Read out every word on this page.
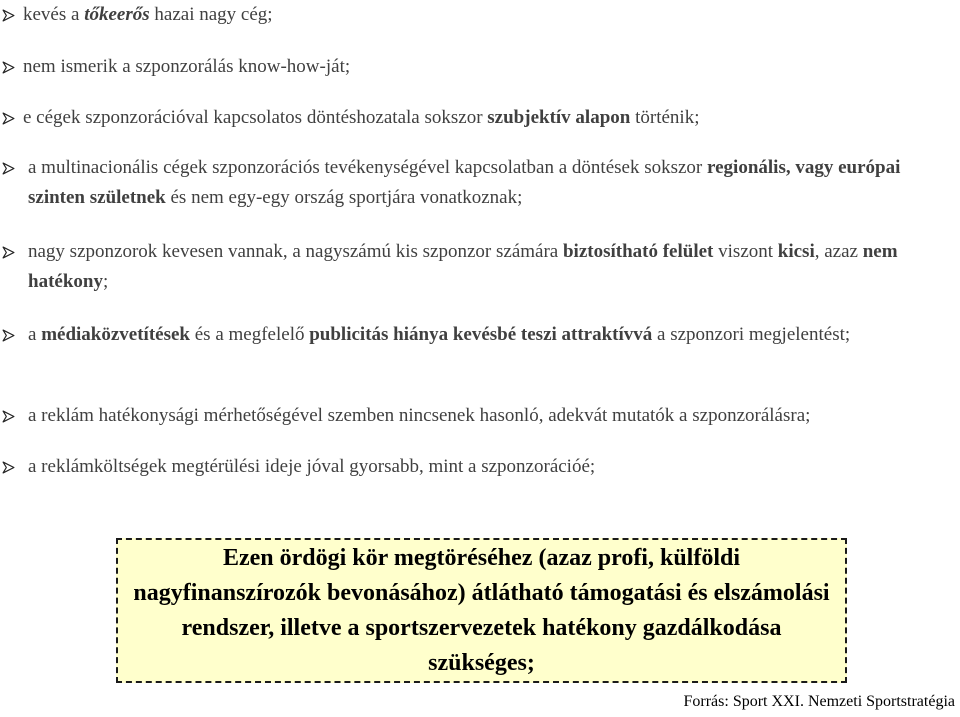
kevés a tőkeerős hazai nagy cég;
nem ismerik a szponzorálás know-how-ját;
e cégek szponzorációval kapcsolatos döntéshozatala sokszor szubjektív alapon történik;
a multinacionális cégek szponzorációs tevékenységével kapcsolatban a döntések sokszor regionális, vagy európai szinten születnek és nem egy-egy ország sportjára vonatkoznak;
nagy szponzorok kevesen vannak, a nagyszámú kis szponzor számára biztosítható felület viszont kicsi, azaz nem hatékony;
a médiaközvetítések és a megfelelő publicitás hiánya kevésbé teszi attraktívvá a szponzori megjelentést;
a reklám hatékonysági mérhetőségével szemben nincsenek hasonló, adekvát mutatók a szponzorálásra;
a reklámköltségek megtérülési ideje jóval gyorsabb, mint a szponzorációé;
Ezen ördögi kör megtöréséhez (azaz profi, külföldi nagyfinanszírozók bevonásához) átlátható támogatási és elszámolási rendszer, illetve a sportszervezetek hatékony gazdálkodása szükséges;
Forrás: Sport XXI. Nemzeti Sportstratégia
